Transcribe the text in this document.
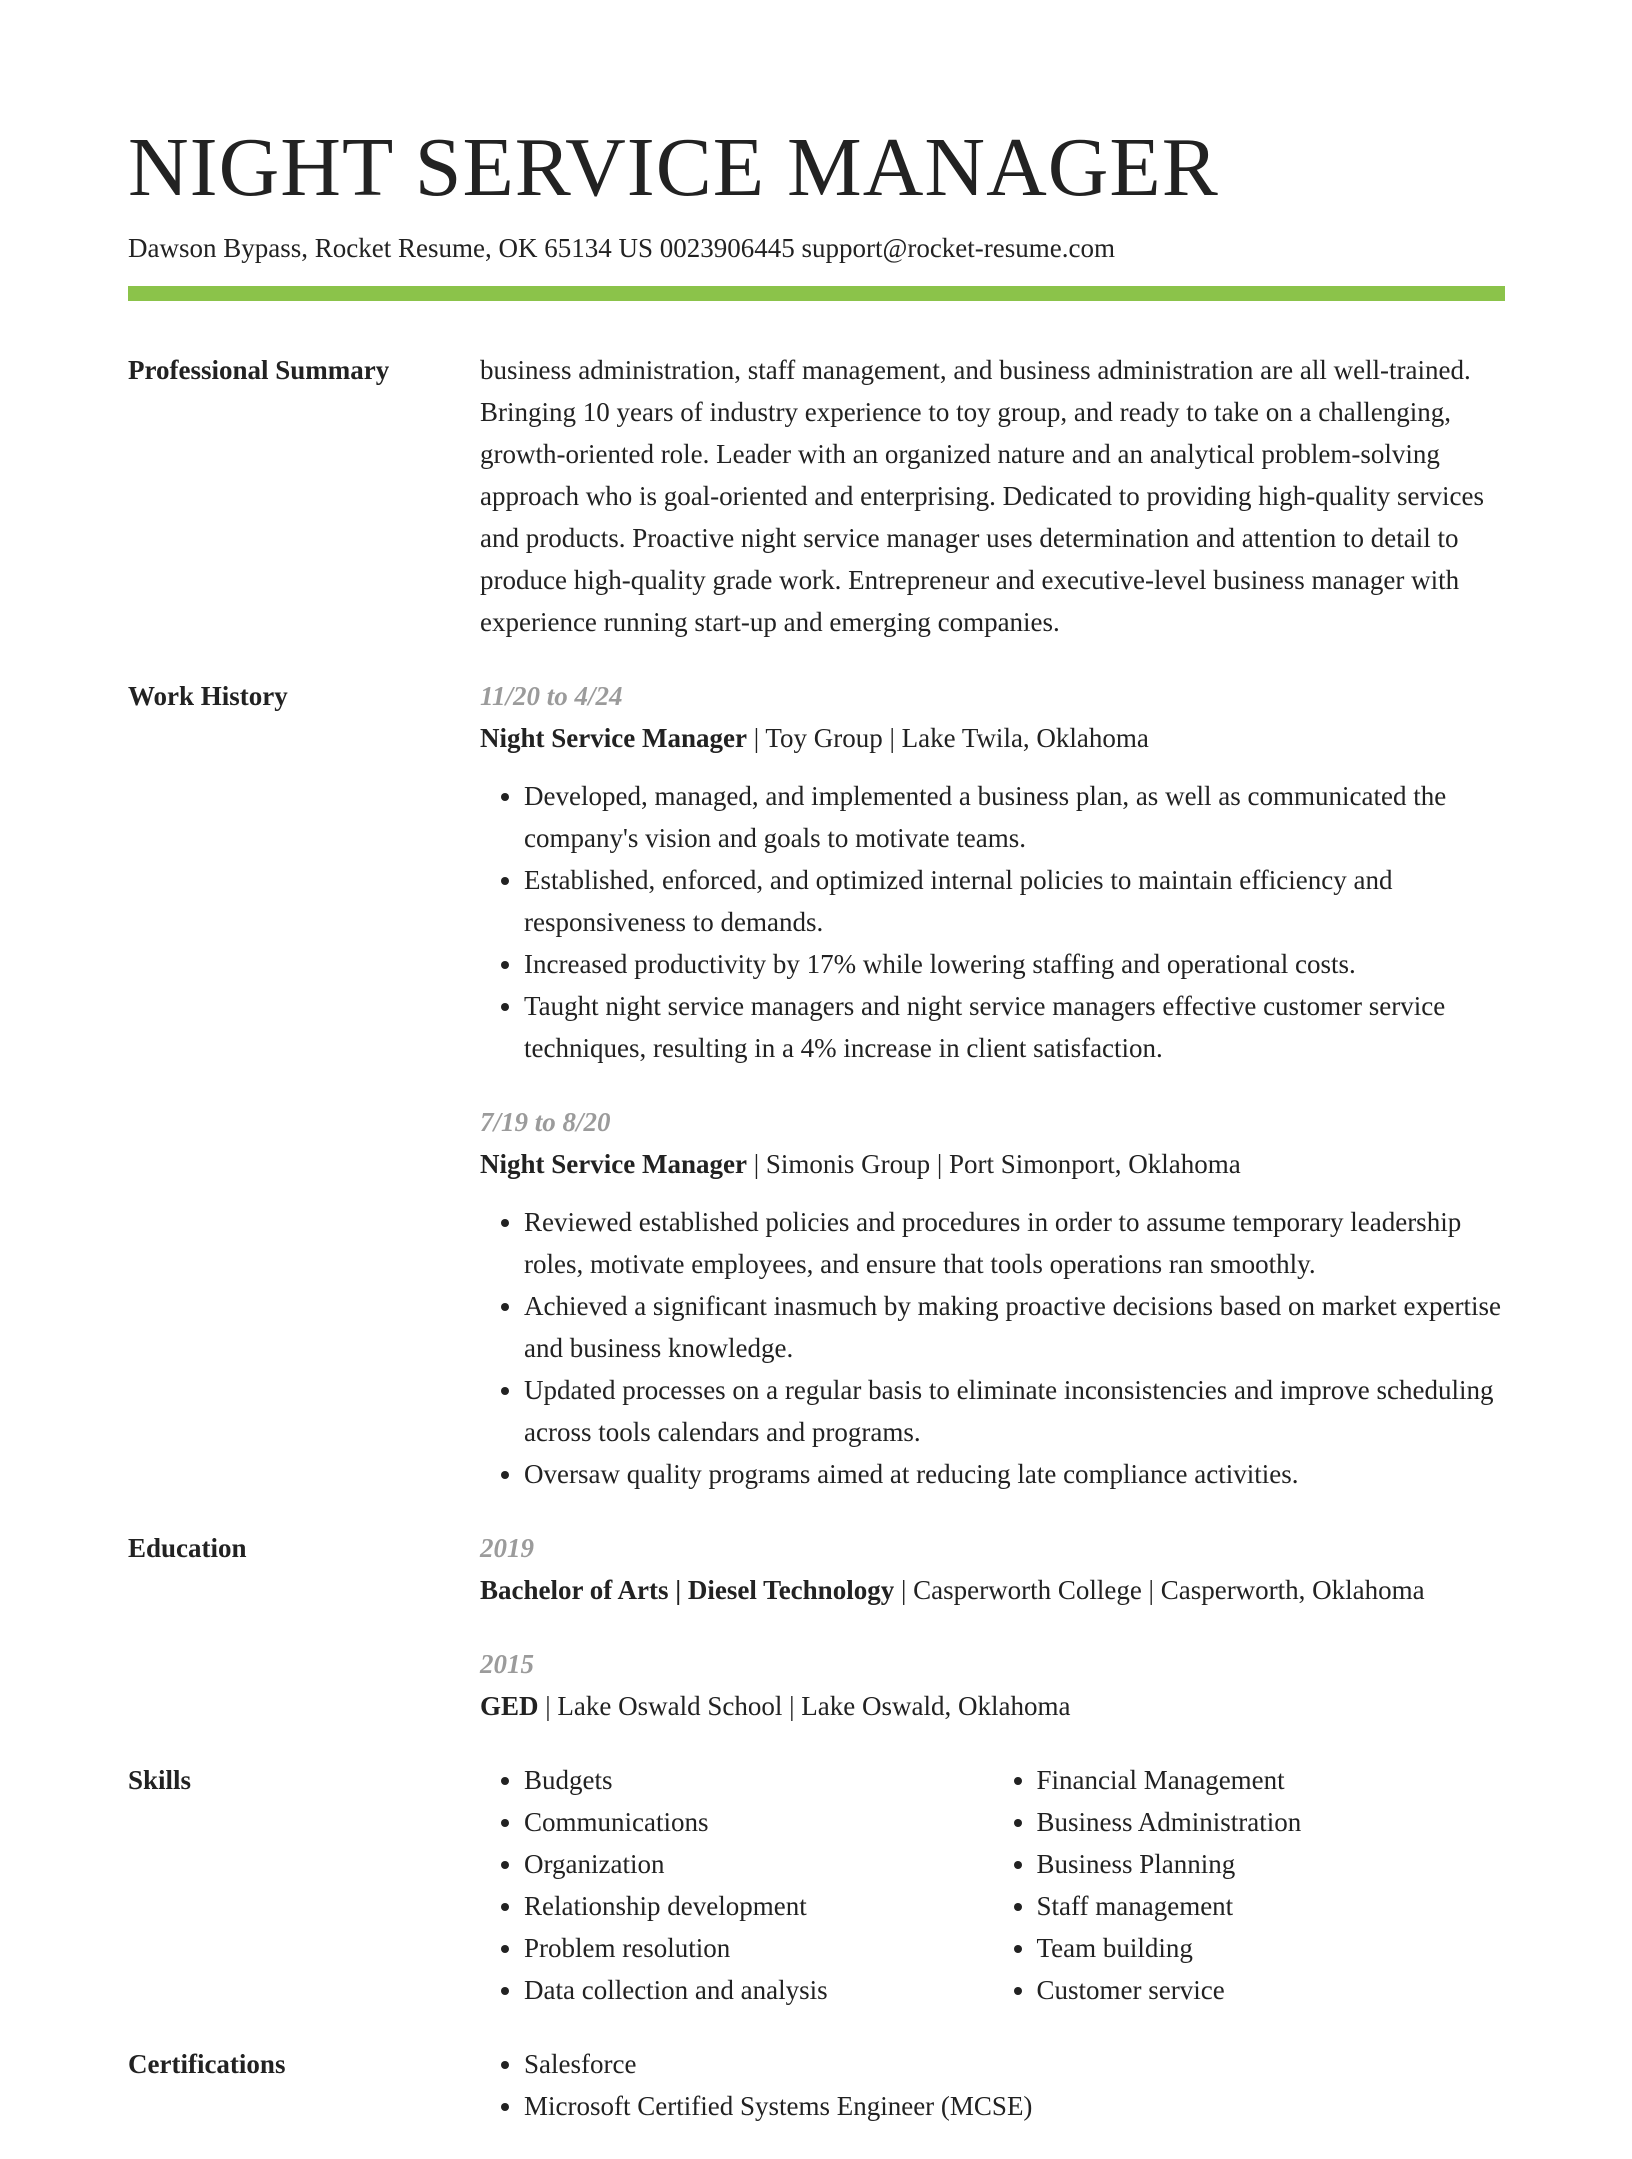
NIGHT SERVICE MANAGER
Dawson Bypass, Rocket Resume, OK 65134 US 0023906445 support@rocket-resume.com
Professional Summary	business administration, staff management, and business administration are all well-trained. Bringing 10 years of industry experience to toy group, and ready to take on a challenging, growth-oriented role. Leader with an organized nature and an analytical problem-solving approach who is goal-oriented and enterprising. Dedicated to providing high-quality services and products. Proactive night service manager uses determination and attention to detail to produce high-quality grade work. Entrepreneur and executive-level business manager with experience running start-up and emerging companies.

Work History	11/20 to 4/24
Night Service Manager | Toy Group | Lake Twila, Oklahoma
• Developed, managed, and implemented a business plan, as well as communicated the company's vision and goals to motivate teams.
• Established, enforced, and optimized internal policies to maintain efficiency and responsiveness to demands.
• Increased productivity by 17% while lowering staffing and operational costs.
• Taught night service managers and night service managers effective customer service techniques, resulting in a 4% increase in client satisfaction.
7/19 to 8/20
Night Service Manager | Simonis Group | Port Simonport, Oklahoma
• Reviewed established policies and procedures in order to assume temporary leadership roles, motivate employees, and ensure that tools operations ran smoothly.
• Achieved a significant inasmuch by making proactive decisions based on market expertise and business knowledge.
• Updated processes on a regular basis to eliminate inconsistencies and improve scheduling across tools calendars and programs.
• Oversaw quality programs aimed at reducing late compliance activities.
Education	2019
Bachelor of Arts | Diesel Technology | Casperworth College | Casperworth, Oklahoma
2015
GED | Lake Oswald School | Lake Oswald, Oklahoma
Skills	• Budgets
• Communications
• Organization
• Relationship development
• Problem resolution
• Data collection and analysis
• Financial Management
• Business Administration
• Business Planning
• Staff management
• Team building
• Customer service
Certifications	• Salesforce
• Microsoft Certified Systems Engineer (MCSE)
